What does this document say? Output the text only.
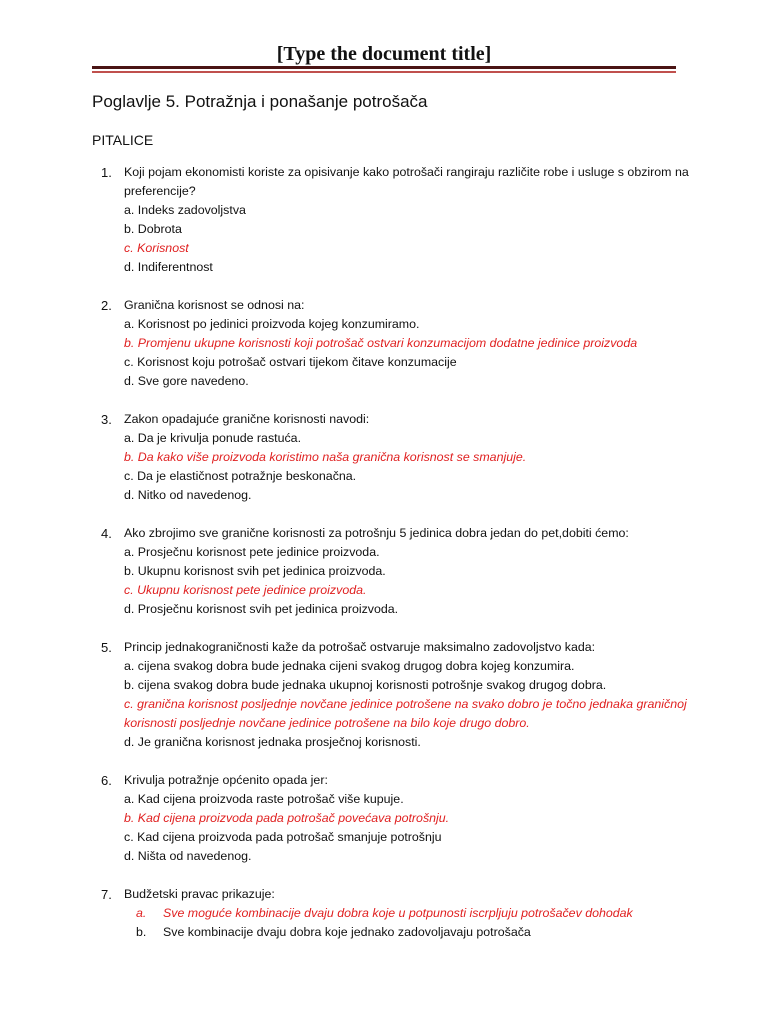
[Type the document title]
Poglavlje 5. Potražnja i ponašanje potrošača
PITALICE
1. Koji pojam ekonomisti koriste za opisivanje kako potrošači rangiraju različite robe i usluge s obzirom na preferencije?
a. Indeks zadovoljstva
b. Dobrota
c. Korisnost
d. Indiferentnost
2. Granična korisnost se odnosi na:
a. Korisnost po jedinici proizvoda kojeg konzumiramo.
b. Promjenu ukupne korisnosti koji potrošač ostvari konzumacijom dodatne jedinice proizvoda
c. Korisnost koju potrošač ostvari tijekom čitave konzumacije
d. Sve gore navedeno.
3. Zakon opadajuće granične korisnosti navodi:
a. Da je krivulja ponude rastuća.
b. Da kako više proizvoda koristimo naša granična korisnost se smanjuje.
c. Da je elastičnost potražnje beskonačna.
d. Nitko od navedenog.
4. Ako zbrojimo sve granične korisnosti za potrošnju 5 jedinica dobra jedan do pet,dobiti ćemo:
a. Prosječnu korisnost pete jedinice proizvoda.
b. Ukupnu korisnost svih pet jedinica proizvoda.
c. Ukupnu korisnost pete jedinice proizvoda.
d. Prosječnu korisnost svih pet jedinica proizvoda.
5. Princip jednakograničnosti kaže da potrošač ostvaruje maksimalno zadovoljstvo kada:
a. cijena svakog dobra bude jednaka cijeni svakog drugog dobra kojeg konzumira.
b. cijena svakog dobra bude jednaka ukupnoj korisnosti potrošnje svakog drugog dobra.
c. granična korisnost posljednje novčane jedinice potrošene na svako dobro je točno jednaka graničnoj korisnosti posljednje novčane jedinice potrošene na bilo koje drugo dobro.
d. Je granična korisnost jednaka prosječnoj korisnosti.
6. Krivulja potražnje općenito opada jer:
a. Kad cijena proizvoda raste potrošač više kupuje.
b. Kad cijena proizvoda pada potrošač povećava potrošnju.
c. Kad cijena proizvoda pada potrošač smanjuje potrošnju
d. Ništa od navedenog.
7. Budžetski pravac prikazuje:
a.	Sve moguće kombinacije dvaju dobra koje u potpunosti iscrpljuju potrošačev dohodak
b.	Sve kombinacije dvaju dobra koje jednako zadovoljavaju potrošača
